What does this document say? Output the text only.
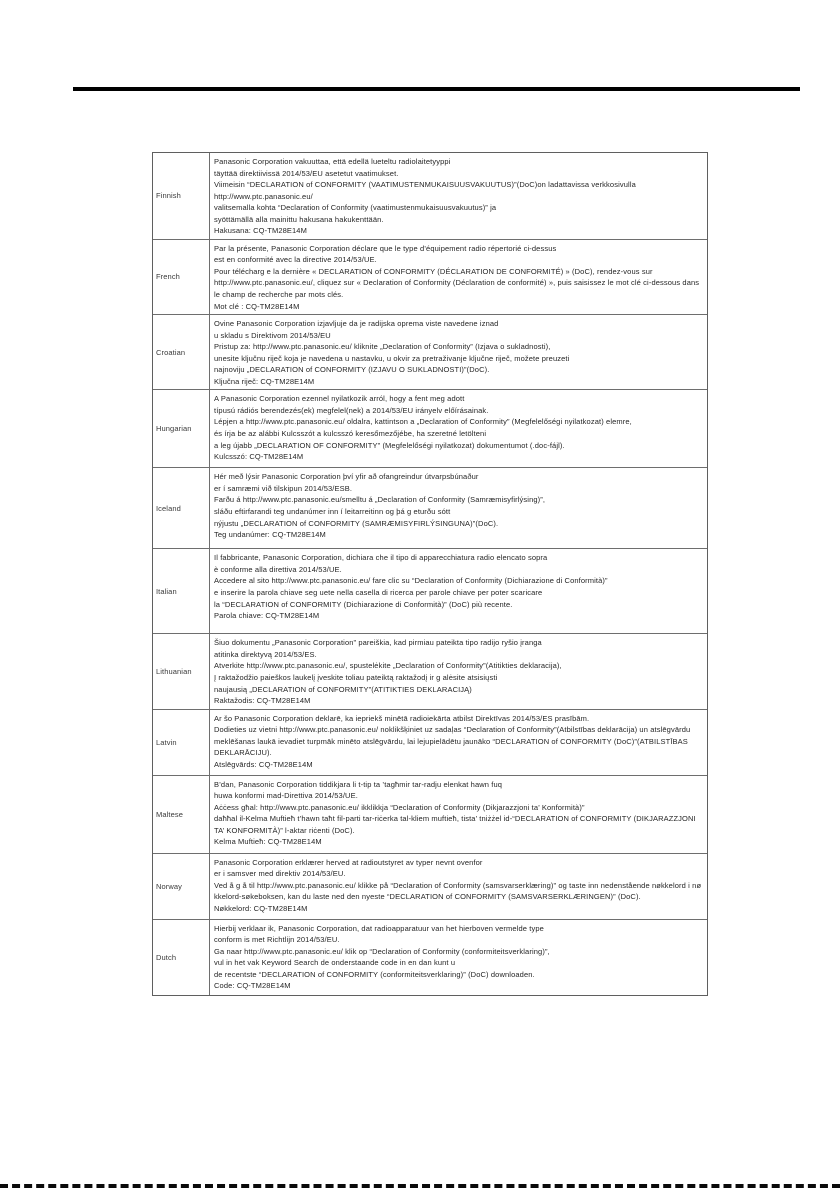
Finnish
Panasonic Corporation vakuuttaa, että edellä lueteltu radiolaitetyyppi
täyttää direktiivissä 2014/53/EU asetetut vaatimukset.
Viimeisin “DECLARATION of CONFORMITY (VAATIMUSTENMUKAISUUSVAKUUTUS)”(DoC)on ladattavissa verkkosivulla
http://www.ptc.panasonic.eu/
valitsemalla kohta “Declaration of Conformity (vaatimustenmukaisuusvakuutus)” ja
syöttämällä alla mainittu hakusana hakukenttään.
Hakusana: CQ-TM28E14M
French
Par la présente, Panasonic Corporation déclare que le type d’équipement radio répertorié ci-dessus
est en conformité avec la directive 2014/53/UE.
Pour télécharg e la dernière « DECLARATION of CONFORMITY (DÉCLARATION DE CONFORMITÉ) » (DoC), rendez-vous sur
http://www.ptc.panasonic.eu/, cliquez sur « Declaration of Conformity (Déclaration de conformité) », puis saisissez le mot clé ci-dessous dans
le champ de recherche par mots clés.
Mot clé : CQ-TM28E14M
Croatian
Ovine Panasonic Corporation izjavljuje da je radijska oprema viste navedene iznad
u skladu s Direktivom 2014/53/EU
Pristup za: http://www.ptc.panasonic.eu/ kliknite „Declaration of Conformity” (Izjava o sukladnosti),
unesite ključnu riječ koja je navedena u nastavku, u okvir za pretraživanje ključne riječ, možete preuzeti
najnoviju „DECLARATION of CONFORMITY (IZJAVU O SUKLADNOSTI)”(DoC).
Ključna riječ: CQ-TM28E14M
Hungarian
A Panasonic Corporation ezennel nyilatkozik arról, hogy a fent meg adott
típusú rádiós berendezés(ek) megfelel(nek) a 2014/53/EU irányelv előírásainak.
Lépjen a http://www.ptc.panasonic.eu/ oldalra, kattintson a „Declaration of Conformity” (Megfelelőségi nyilatkozat) elemre,
és írja be az alábbi Kulcsszót a kulcsszó keresőmezőjébe, ha szeretné letölteni
a leg újabb „DECLARATION OF CONFORMITY” (Megfelelőségi nyilatkozat) dokumentumot (.doc-fájl).
Kulcsszó: CQ-TM28E14M
Iceland
Hér með lýsir Panasonic Corporation því yfir að ofangreindur útvarpsbúnaður
er í samræmi við tilskipun 2014/53/ESB.
Farðu á http://www.ptc.panasonic.eu/smelltu á „Declaration of Conformity (Samræmisyfirlýsing)”,
sláðu eftirfarandi teg undanúmer inn í leitarreitinn og þá g eturðu sótt
nýjustu „DECLARATION of CONFORMITY (SAMRÆMISYFIRLÝSINGUNA)”(DoC).
Teg undanúmer: CQ-TM28E14M
Italian
Il fabbricante, Panasonic Corporation, dichiara che il tipo di apparecchiatura radio elencato sopra
è conforme alla direttiva 2014/53/UE.
Accedere al sito http://www.ptc.panasonic.eu/ fare clic su “Declaration of Conformity (Dichiarazione di Conformità)”
e inserire la parola chiave seg uete nella casella di ricerca per parole chiave per poter scaricare
la “DECLARATION of CONFORMITY (Dichiarazione di Conformità)” (DoC) più recente.
Parola chiave: CQ-TM28E14M
Lithuanian
Šiuo dokumentu „Panasonic Corporation” pareiškia, kad pirmiau pateikta tipo radijo ryšio įranga
atitinka direktyvą 2014/53/ES.
Atverkite http://www.ptc.panasonic.eu/, spustelėkite „Declaration of Conformity”(Atitikties deklaracija),
Į raktažodžio paieškos laukelį įveskite toliau pateiktą raktažodį ir g alėsite atsisiųsti
naujausią „DECLARATION of CONFORMITY”(ATITIKTIES DEKLARACIJĄ)
Raktažodis: CQ-TM28E14M
Latvin
Ar šo Panasonic Corporation deklarē, ka iepriekš minētā radioiekārta atbilst Direktīvas 2014/53/ES prasībām.
Dodieties uz vietni http://www.ptc.panasonic.eu/ noklikšķiniet uz sadaļas “Declaration of Conformity”(Atbilstības deklarācija) un atslēgvārdu
meklēšanas laukā ievadiet turpmāk minēto atslēgvārdu, lai lejupielādētu jaunāko “DECLARATION of CONFORMITY (DoC)”(ATBILSTĪBAS
DEKLARĀCIJU).
Atslēgvārds: CQ-TM28E14M
Maltese
B’dan, Panasonic Corporation tiddikjara li t-tip ta ’tagħmir tar-radju elenkat hawn fuq
huwa konformi mad-Direttiva 2014/53/UE.
Aċċess għal: http://www.ptc.panasonic.eu/ ikklikkja “Declaration of Conformity (Dikjarazzjoni ta’ Konformità)”
daħħal il-Kelma Muftieħ t’hawn taħt fil-parti tar-riċerka tal-kliem muftieħ, tista’ tniżżel id-“DECLARATION of CONFORMITY (DIKJARAZZJONI
TA’ KONFORMITÀ)” l-aktar riċenti (DoC).
Kelma Muftieħ: CQ-TM28E14M
Norway
Panasonic Corporation erklærer herved at radioutstyret av typer nevnt ovenfor
er i samsver med direktiv 2014/53/EU.
Ved å g å til http://www.ptc.panasonic.eu/ klikke på “Declaration of Conformity (samsvarserklæring)” og taste inn nedenstående nøkkelord i nø
kkelord-søkeboksen, kan du laste ned den nyeste “DECLARATION of CONFORMITY (SAMSVARSERKLÆRINGEN)” (DoC).
Nøkkelord: CQ-TM28E14M
Dutch
Hierbij verklaar ik, Panasonic Corporation, dat radioapparatuur van het hierboven vermelde type
conform is met Richtlijn 2014/53/EU.
Ga naar http://www.ptc.panasonic.eu/ klik op “Declaration of Conformity (conformiteitsverklaring)”,
vul in het vak Keyword Search de onderstaande code in en dan kunt u
de recentste “DECLARATION of CONFORMITY (conformiteitsverklaring)” (DoC) downloaden.
Code: CQ-TM28E14M
